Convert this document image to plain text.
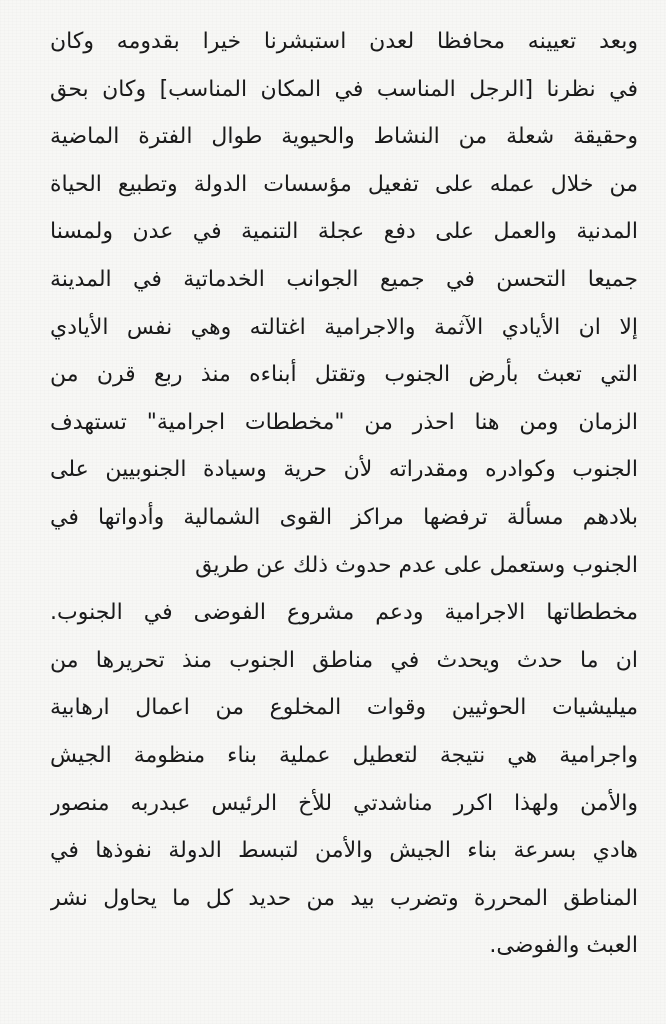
وبعد تعيينه محافظا لعدن استبشرنا خيرا بقدومه وكان
في نظرنا [الرجل المناسب في المكان المناسب] وكان بحق
وحقيقة شعلة من النشاط والحيوية طوال الفترة الماضية
من خلال عمله على تفعيل مؤسسات الدولة وتطبيع الحياة
المدنية والعمل على دفع عجلة التنمية في عدن ولمسنا
جميعا التحسن في جميع الجوانب الخدماتية في المدينة
إلا ان الأيادي الآثمة والاجرامية اغتالته وهي نفس الأيادي
التي تعبث بأرض الجنوب وتقتل أبناءه منذ ربع قرن من
الزمان ومن هنا احذر من "مخططات اجرامية" تستهدف
الجنوب وكوادره ومقدراته لأن حرية وسيادة الجنوبيين على
بلادهم مسألة ترفضها مراكز القوى الشمالية وأدواتها في
الجنوب وستعمل على عدم حدوث ذلك عن طريق
مخططاتها الاجرامية ودعم مشروع الفوضى في الجنوب.
ان ما حدث ويحدث في مناطق الجنوب منذ تحريرها من
ميليشيات الحوثيين وقوات المخلوع من اعمال ارهابية
واجرامية هي نتيجة لتعطيل عملية بناء منظومة الجيش
والأمن ولهذا اكرر مناشدتي للأخ الرئيس عبدربه منصور
هادي بسرعة بناء الجيش والأمن لتبسط الدولة نفوذها في
المناطق المحررة وتضرب بيد من حديد كل ما يحاول نشر
العبث والفوضى.
